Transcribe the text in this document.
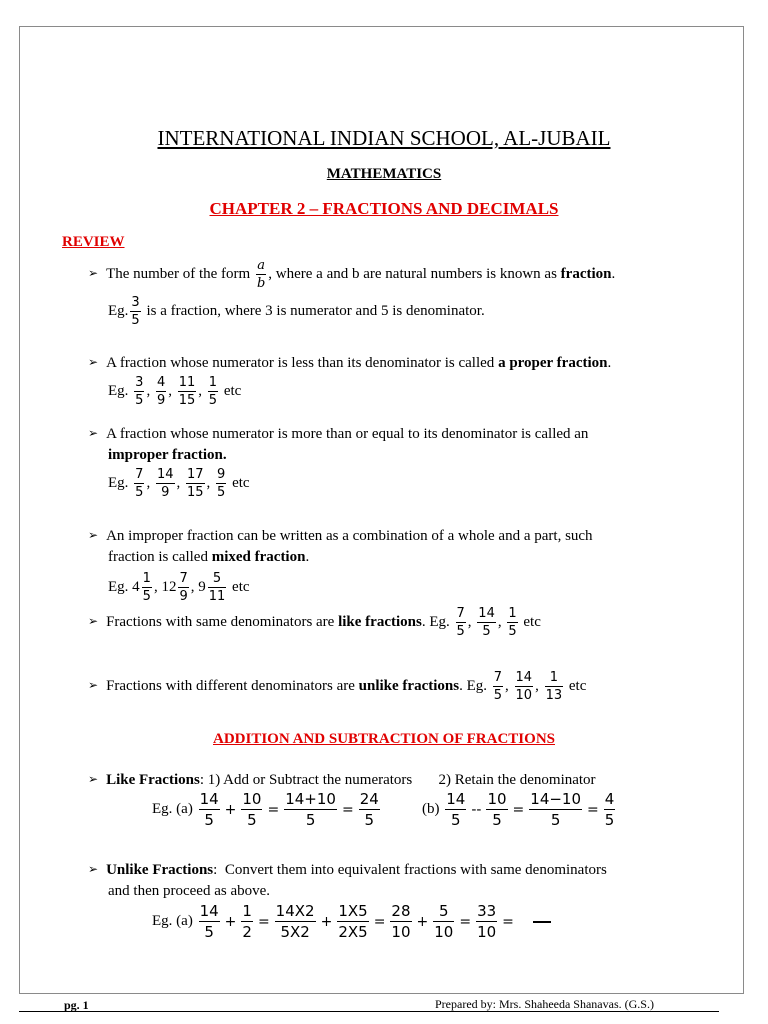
INTERNATIONAL INDIAN SCHOOL, AL-JUBAIL
MATHEMATICS
CHAPTER 2 – FRACTIONS AND DECIMALS
REVIEW
➢ The number of the form $\frac{a}{b}$ , where a and b are natural numbers is known as fraction.
Eg. $\frac{3}{5}$ is a fraction, where 3 is numerator and 5 is denominator.
➢ A fraction whose numerator is less than its denominator is called a proper fraction.
Eg. $\frac{3}{5}$ , $\frac{4}{9}$ , $\frac{11}{15}$ , $\frac{1}{5}$ etc
➢ A fraction whose numerator is more than or equal to its denominator is called an
improper fraction.
Eg. $\frac{7}{5}$ , $\frac{14}{9}$ , $\frac{17}{15}$ , $\frac{9}{5}$ etc
➢ An improper fraction can be written as a combination of a whole and a part, such
fraction is called mixed fraction.
Eg. $4 \frac{1}{5}$ , $12 \frac{7}{9}$ , $9 \frac{5}{11}$ etc
➢ Fractions with same denominators are like fractions. Eg. $\frac{7}{5}$ , $\frac{14}{5}$ , $\frac{1}{5}$ etc
➢ Fractions with different denominators are unlike fractions. Eg. $\frac{7}{5}$ , $\frac{14}{10}$ , $\frac{1}{13}$ etc
ADDITION AND SUBTRACTION OF FRACTIONS
➢ Like Fractions: 1) Add or Subtract the numerators       2) Retain the denominator
Eg. $(a) \frac{14}{5} + \frac{10}{5} = \frac{14+10}{5} = \frac{24}{5}$	$(b) \frac{14}{5} -- \frac{10}{5} = \frac{14-10}{5} = \frac{4}{5}$
➢ Unlike Fractions:  Convert them into equivalent fractions with same denominators
and then proceed as above.
Eg. $(a) \frac{14}{5} + \frac{1}{2} = \frac{14X2}{5X2} + \frac{1X5}{2X5} = \frac{28}{10} + \frac{5}{10} = \frac{33}{10}$ =
pg. 1	Prepared by: Mrs. Shaheeda Shanavas. (G.S.)
